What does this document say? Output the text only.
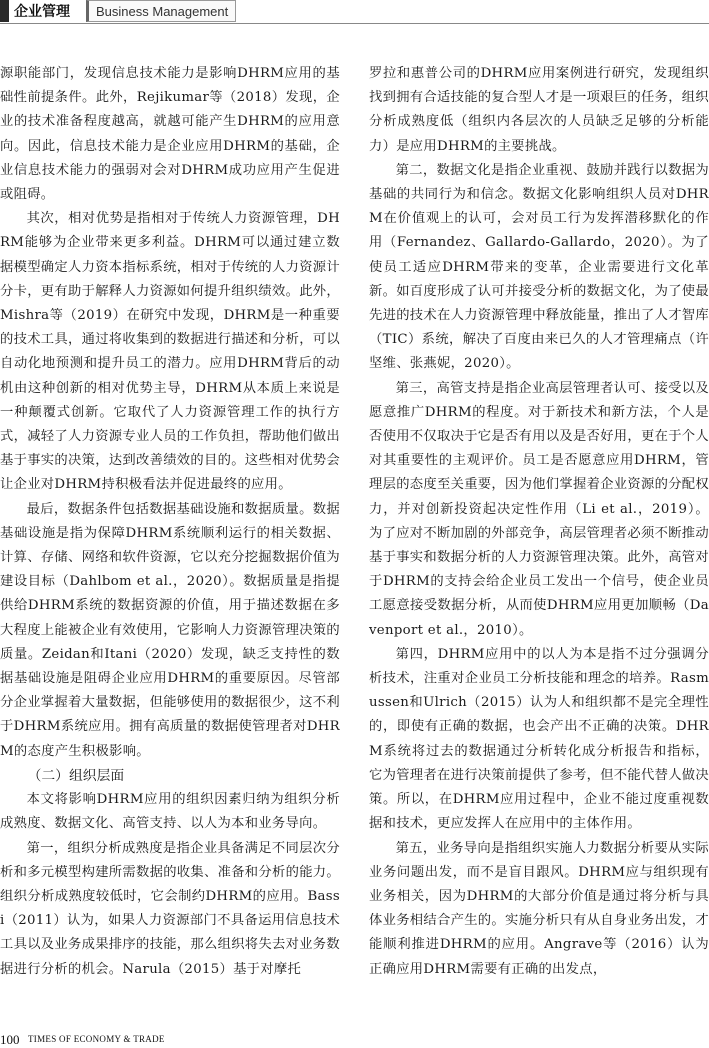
企业管理	Business Management

源职能部门，发现信息技术能力是影响DHRM应用的基础性前提条件。此外，Rejikumar等（2018）发现，企业的技术准备程度越高，就越可能产生DHRM的应用意向。因此，信息技术能力是企业应用DHRM的基础，企业信息技术能力的强弱对会对DHRM成功应用产生促进或阻碍。

其次，相对优势是指相对于传统人力资源管理，DHRM能够为企业带来更多利益。DHRM可以通过建立数据模型确定人力资本指标系统，相对于传统的人力资源计分卡，更有助于解释人力资源如何提升组织绩效。此外，Mishra等（2019）在研究中发现，DHRM是一种重要的技术工具，通过将收集到的数据进行描述和分析，可以自动化地预测和提升员工的潜力。应用DHRM背后的动机由这种创新的相对优势主导，DHRM从本质上来说是一种颠覆式创新。它取代了人力资源管理工作的执行方式，减轻了人力资源专业人员的工作负担，帮助他们做出基于事实的决策，达到改善绩效的目的。这些相对优势会让企业对DHRM持积极看法并促进最终的应用。

最后，数据条件包括数据基础设施和数据质量。数据基础设施是指为保障DHRM系统顺利运行的相关数据、计算、存储、网络和软件资源，它以充分挖掘数据价值为建设目标（Dahlbom et al.，2020）。数据质量是指提供给DHRM系统的数据资源的价值，用于描述数据在多大程度上能被企业有效使用，它影响人力资源管理决策的质量。Zeidan和Itani（2020）发现，缺乏支持性的数据基础设施是阻碍企业应用DHRM的重要原因。尽管部分企业掌握着大量数据，但能够使用的数据很少，这不利于DHRM系统应用。拥有高质量的数据使管理者对DHRM的态度产生积极影响。

（二）组织层面

本文将影响DHRM应用的组织因素归纳为组织分析成熟度、数据文化、高管支持、以人为本和业务导向。

第一，组织分析成熟度是指企业具备满足不同层次分析和多元模型构建所需数据的收集、准备和分析的能力。组织分析成熟度较低时，它会制约DHRM的应用。Bassi（2011）认为，如果人力资源部门不具备运用信息技术工具以及业务成果排序的技能，那么组织将失去对业务数据进行分析的机会。Narula（2015）基于对摩托

罗拉和惠普公司的DHRM应用案例进行研究，发现组织找到拥有合适技能的复合型人才是一项艰巨的任务，组织分析成熟度低（组织内各层次的人员缺乏足够的分析能力）是应用DHRM的主要挑战。

第二，数据文化是指企业重视、鼓励并践行以数据为基础的共同行为和信念。数据文化影响组织人员对DHRM在价值观上的认可，会对员工行为发挥潜移默化的作用（Fernandez、Gallardo-Gallardo，2020）。为了使员工适应DHRM带来的变革，企业需要进行文化革新。如百度形成了认可并接受分析的数据文化，为了使最先进的技术在人力资源管理中释放能量，推出了人才智库（TIC）系统，解决了百度由来已久的人才管理痛点（许坚维、张燕妮，2020）。

第三，高管支持是指企业高层管理者认可、接受以及愿意推广DHRM的程度。对于新技术和新方法，个人是否使用不仅取决于它是否有用以及是否好用，更在于个人对其重要性的主观评价。员工是否愿意应用DHRM，管理层的态度至关重要，因为他们掌握着企业资源的分配权力，并对创新投资起决定性作用（Li et al.，2019）。为了应对不断加剧的外部竞争，高层管理者必须不断推动基于事实和数据分析的人力资源管理决策。此外，高管对于DHRM的支持会给企业员工发出一个信号，使企业员工愿意接受数据分析，从而使DHRM应用更加顺畅（Davenport et al.，2010）。

第四，DHRM应用中的以人为本是指不过分强调分析技术，注重对企业员工分析技能和理念的培养。Rasmussen和Ulrich（2015）认为人和组织都不是完全理性的，即使有正确的数据，也会产出不正确的决策。DHRM系统将过去的数据通过分析转化成分析报告和指标，它为管理者在进行决策前提供了参考，但不能代替人做决策。所以，在DHRM应用过程中，企业不能过度重视数据和技术，更应发挥人在应用中的主体作用。

第五，业务导向是指组织实施人力数据分析要从实际业务问题出发，而不是盲目跟风。DHRM应与组织现有业务相关，因为DHRM的大部分价值是通过将分析与具体业务相结合产生的。实施分析只有从自身业务出发，才能顺利推进DHRM的应用。Angrave等（2016）认为正确应用DHRM需要有正确的出发点，

100 TIMES OF ECONOMY & TRADE
